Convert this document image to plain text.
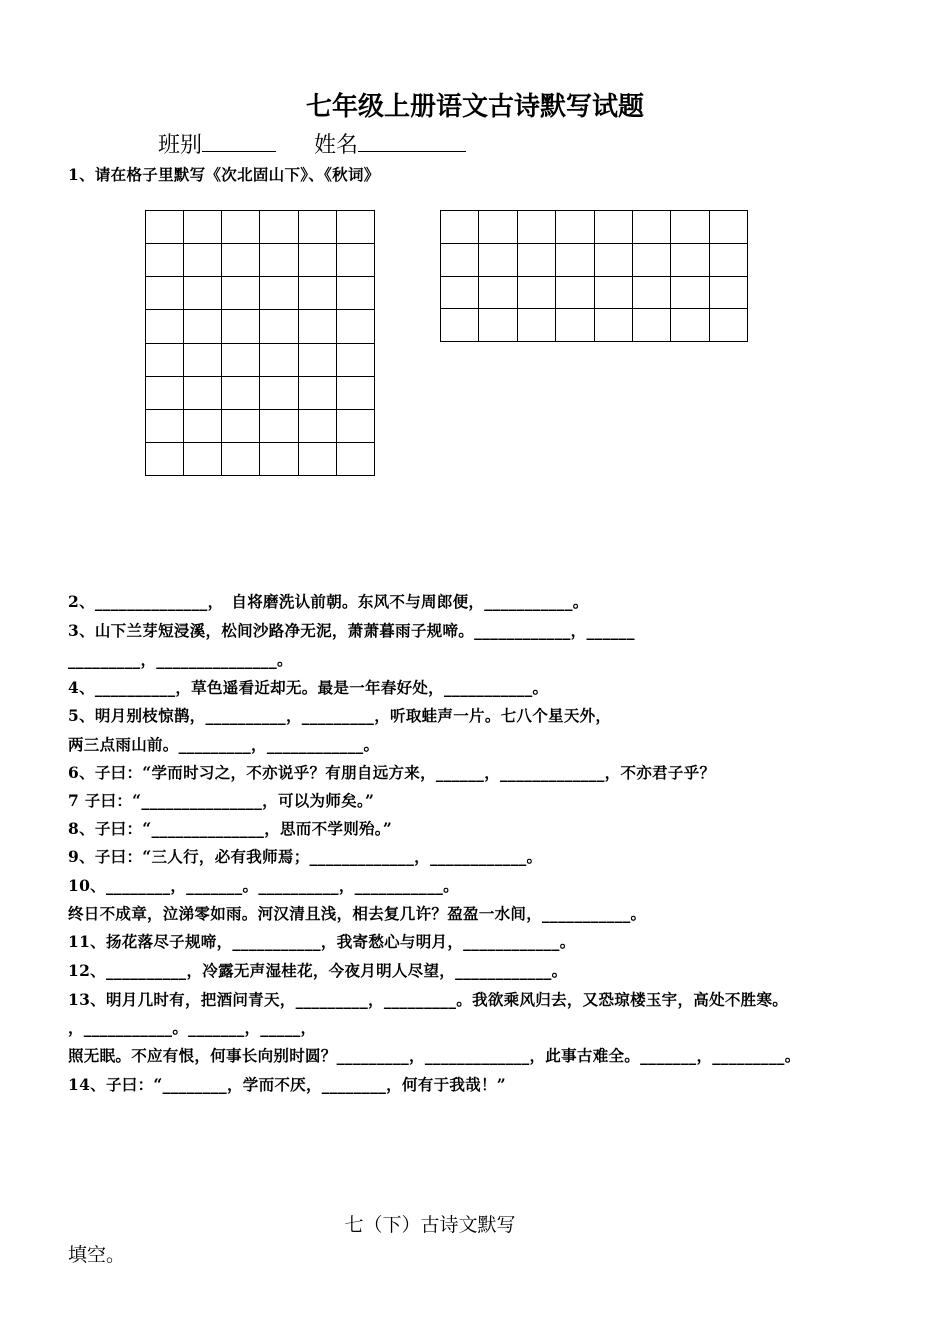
七年级上册语文古诗默写试题
班别	姓名
1、请在格子里默写《次北固山下》、《秋词》

2、______________，　自将磨洗认前朝。东风不与周郎便，___________。
3、山下兰芽短浸溪，松间沙路净无泥，萧萧暮雨子规啼。____________，______
_________，_______________。
4、__________，草色遥看近却无。最是一年春好处，___________。
5、明月别枝惊鹊，__________，_________，听取蛙声一片。七八个星天外，
两三点雨山前。_________，____________。
6、子曰：“学而时习之，不亦说乎？有朋自远方来，______，_____________，不亦君子乎？
7 子曰：“_______________，可以为师矣。”
8、子曰：“______________，思而不学则殆。”
9、子曰：“三人行，必有我师焉；_____________，____________。
10、________，_______。__________，___________。
终日不成章，泣涕零如雨。河汉清且浅，相去复几许？盈盈一水间，___________。
11、扬花落尽子规啼，___________，我寄愁心与明月，____________。
12、__________，冷露无声湿桂花，今夜月明人尽望，____________。
13、明月几时有，把酒问青天，_________，_________。我欲乘风归去，又恐琼楼玉宇，高处不胜寒。
，___________。_______，_____，
照无眠。不应有恨，何事长向别时圆？_________，_____________，此事古难全。_______，_________。
14、子曰：“________，学而不厌，________，何有于我哉！”
七（下）古诗文默写
填空。
